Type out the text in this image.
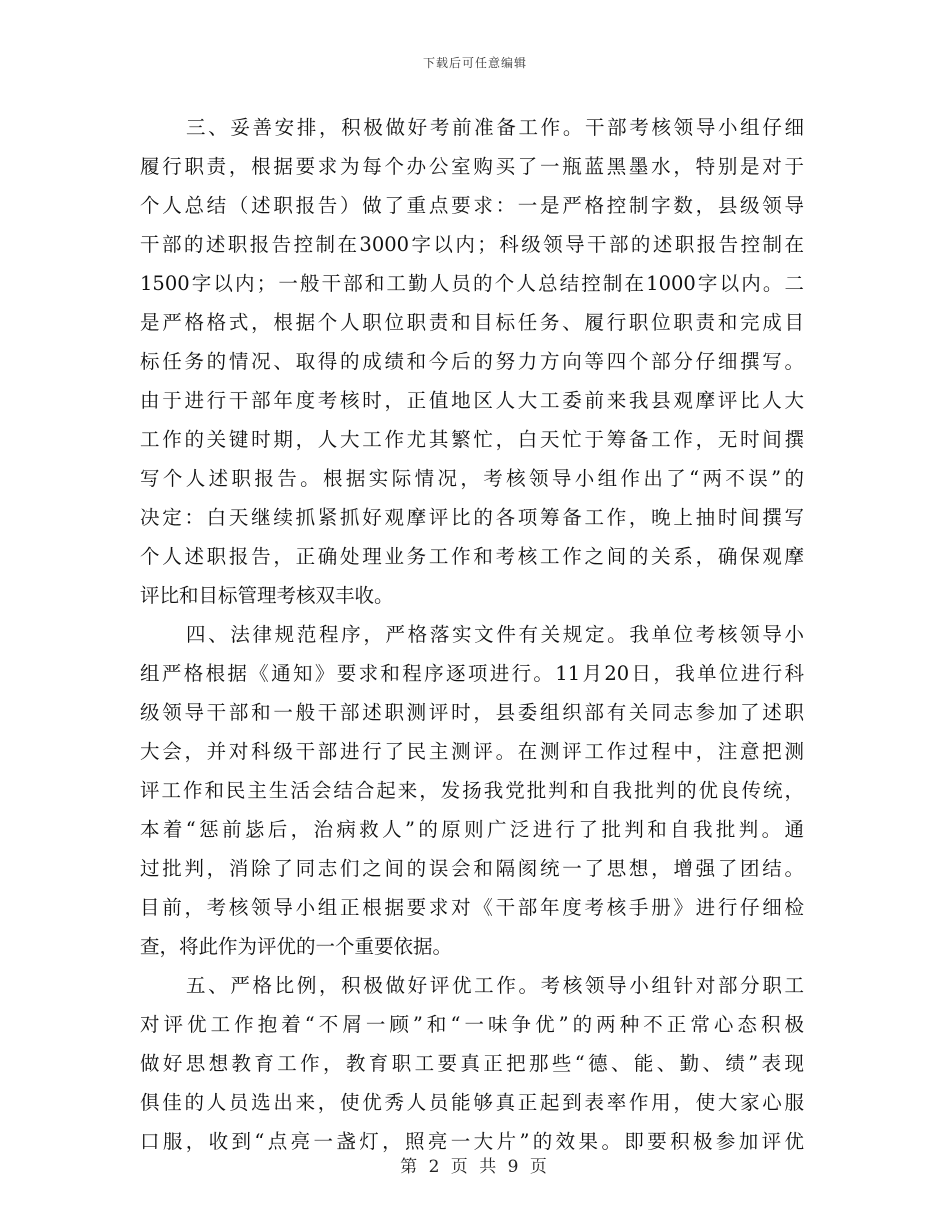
下载后可任意编辑
三、妥善安排，积极做好考前准备工作。干部考核领导小组仔细
履行职责，根据要求为每个办公室购买了一瓶蓝黑墨水，特别是对于
个人总结（述职报告）做了重点要求：一是严格控制字数，县级领导
干部的述职报告控制在3000字以内；科级领导干部的述职报告控制在
1500字以内；一般干部和工勤人员的个人总结控制在1000字以内。二
是严格格式，根据个人职位职责和目标任务、履行职位职责和完成目
标任务的情况、取得的成绩和今后的努力方向等四个部分仔细撰写。
由于进行干部年度考核时，正值地区人大工委前来我县观摩评比人大
工作的关键时期，人大工作尤其繁忙，白天忙于筹备工作，无时间撰
写个人述职报告。根据实际情况，考核领导小组作出了“两不误”的
决定：白天继续抓紧抓好观摩评比的各项筹备工作，晚上抽时间撰写
个人述职报告，正确处理业务工作和考核工作之间的关系，确保观摩
评比和目标管理考核双丰收。
四、法律规范程序，严格落实文件有关规定。我单位考核领导小
组严格根据《通知》要求和程序逐项进行。11月20日，我单位进行科
级领导干部和一般干部述职测评时，县委组织部有关同志参加了述职
大会，并对科级干部进行了民主测评。在测评工作过程中，注意把测
评工作和民主生活会结合起来，发扬我党批判和自我批判的优良传统，
本着“惩前毖后，治病救人”的原则广泛进行了批判和自我批判。通
过批判，消除了同志们之间的误会和隔阂统一了思想，增强了团结。
目前，考核领导小组正根据要求对《干部年度考核手册》进行仔细检
查，将此作为评优的一个重要依据。
五、严格比例，积极做好评优工作。考核领导小组针对部分职工
对评优工作抱着“不屑一顾”和“一味争优”的两种不正常心态积极
做好思想教育工作，教育职工要真正把那些“德、能、勤、绩”表现
俱佳的人员选出来，使优秀人员能够真正起到表率作用，使大家心服
口服，收到“点亮一盏灯，照亮一大片”的效果。即要积极参加评优
第 2 页 共 9 页
